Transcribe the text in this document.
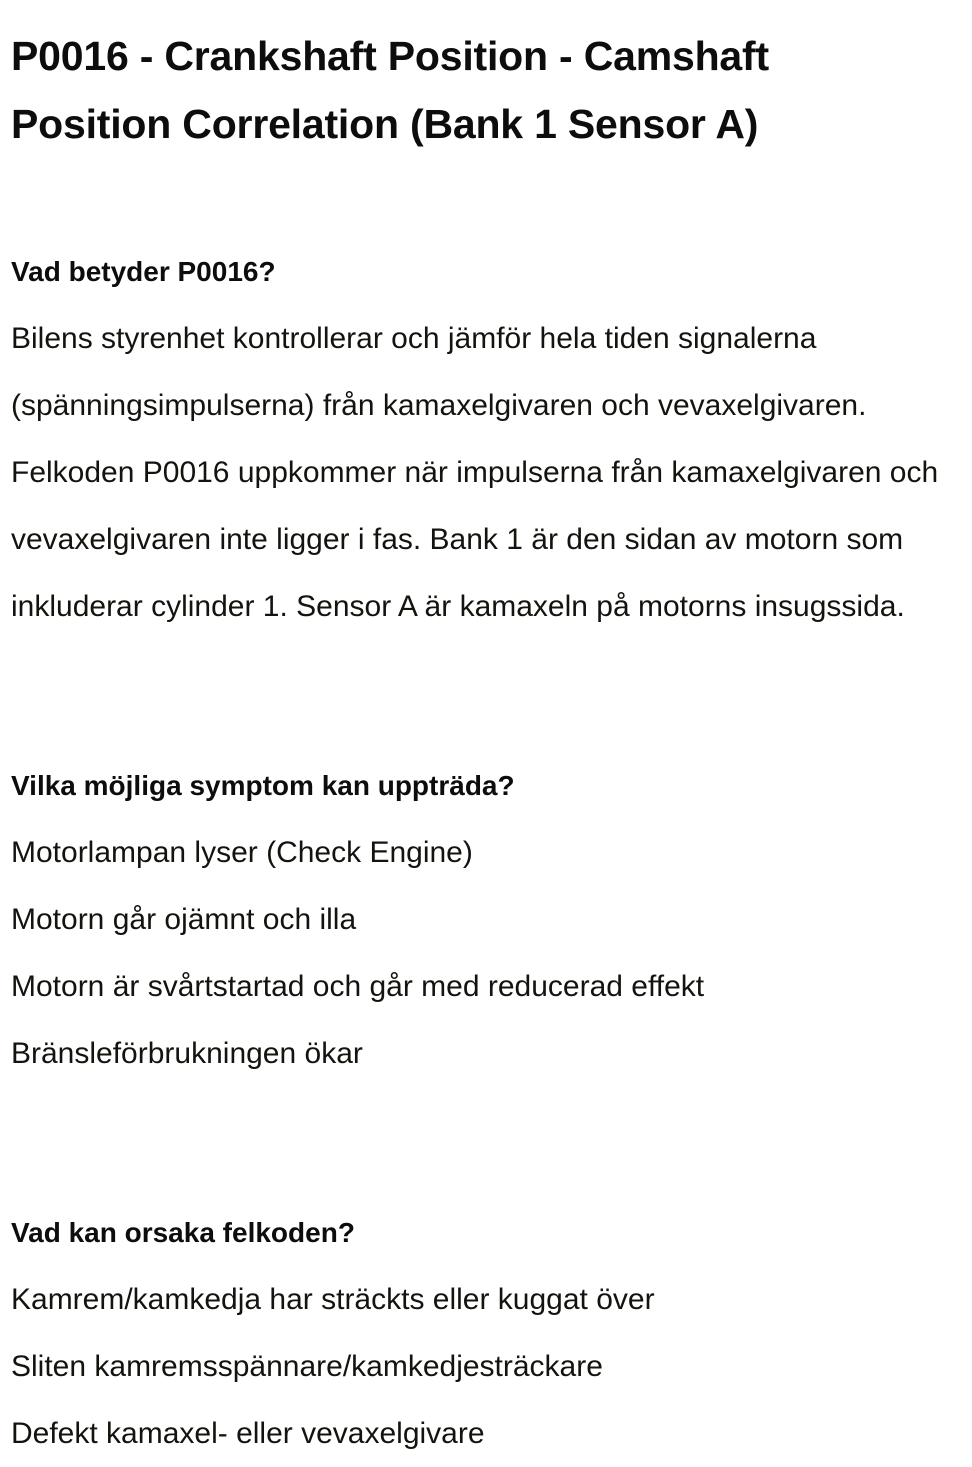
P0016 - Crankshaft Position - Camshaft Position Correlation (Bank 1 Sensor A)
Vad betyder P0016?

Bilens styrenhet kontrollerar och jämför hela tiden signalerna (spänningsimpulserna) från kamaxelgivaren och vevaxelgivaren. Felkoden P0016 uppkommer när impulserna från kamaxelgivaren och vevaxelgivaren inte ligger i fas. Bank 1 är den sidan av motorn som inkluderar cylinder 1. Sensor A är kamaxeln på motorns insugssida.

Vilka möjliga symptom kan uppträda?
Motorlampan lyser (Check Engine)
Motorn går ojämnt och illa
Motorn är svårtstartad och går med reducerad effekt
Bränsleförbrukningen ökar
Vad kan orsaka felkoden?
Kamrem/kamkedja har sträckts eller kuggat över
Sliten kamremsspännare/kamkedjesträckare
Defekt kamaxel- eller vevaxelgivare
